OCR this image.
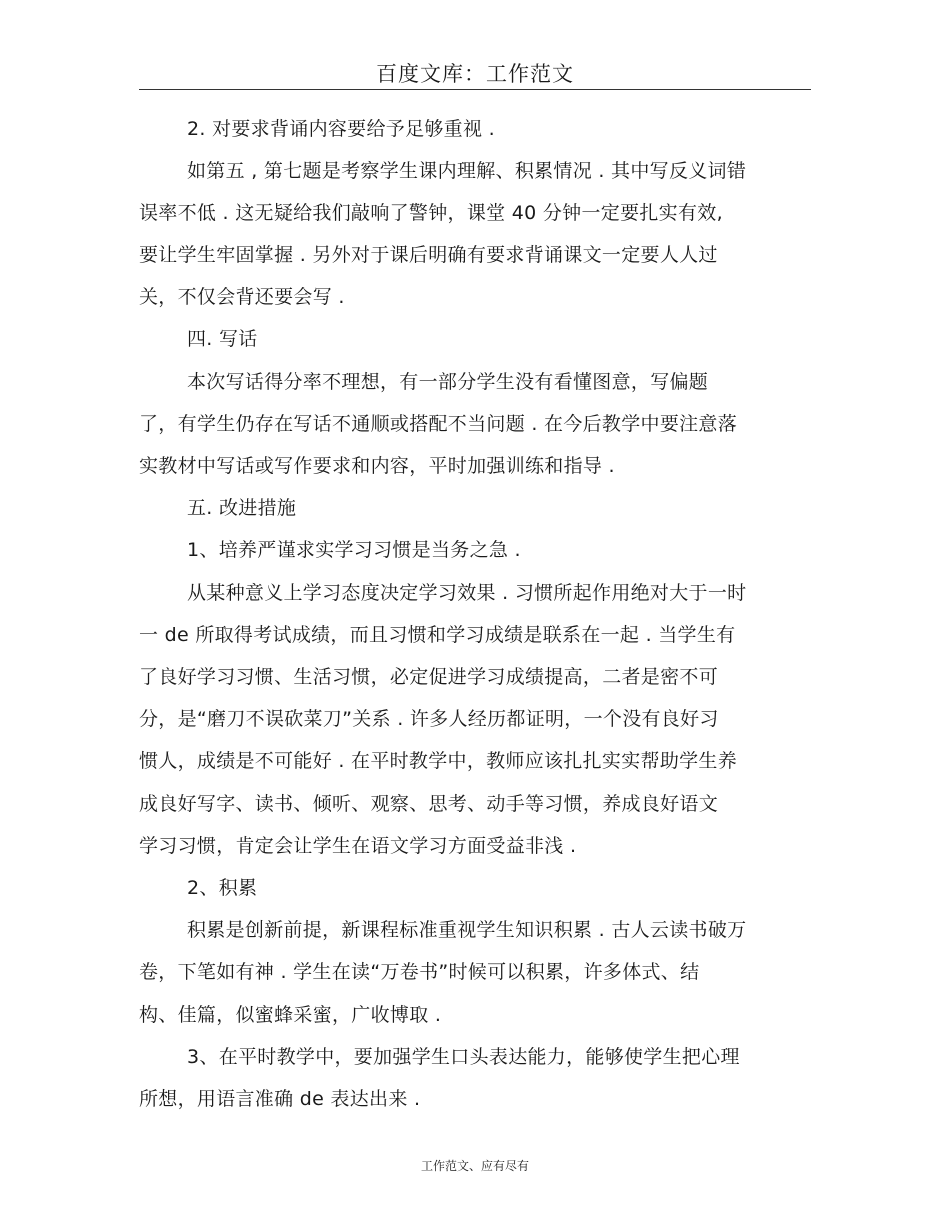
百度文库：工作范文
2. 对要求背诵内容要给予足够重视 .
如第五 , 第七题是考察学生课内理解、积累情况 . 其中写反义词错
误率不低 . 这无疑给我们敲响了警钟，课堂 40 分钟一定要扎实有效,
要让学生牢固掌握 . 另外对于课后明确有要求背诵课文一定要人人过
关，不仅会背还要会写 .
四. 写话
本次写话得分率不理想，有一部分学生没有看懂图意，写偏题
了，有学生仍存在写话不通顺或搭配不当问题 . 在今后教学中要注意落
实教材中写话或写作要求和内容，平时加强训练和指导 .
五. 改进措施
1、培养严谨求实学习习惯是当务之急 .
从某种意义上学习态度决定学习效果 . 习惯所起作用绝对大于一时
一 de 所取得考试成绩，而且习惯和学习成绩是联系在一起 . 当学生有
了良好学习习惯、生活习惯，必定促进学习成绩提高，二者是密不可
分，是“磨刀不误砍菜刀”关系 . 许多人经历都证明，一个没有良好习
惯人，成绩是不可能好 . 在平时教学中，教师应该扎扎实实帮助学生养
成良好写字、读书、倾听、观察、思考、动手等习惯，养成良好语文
学习习惯，肯定会让学生在语文学习方面受益非浅 .
2、积累
积累是创新前提，新课程标准重视学生知识积累 . 古人云读书破万
卷，下笔如有神 . 学生在读“万卷书”时候可以积累，许多体式、结
构、佳篇，似蜜蜂采蜜，广收博取 .
3、在平时教学中，要加强学生口头表达能力，能够使学生把心理
所想，用语言准确 de 表达出来 .
工作范文、应有尽有
